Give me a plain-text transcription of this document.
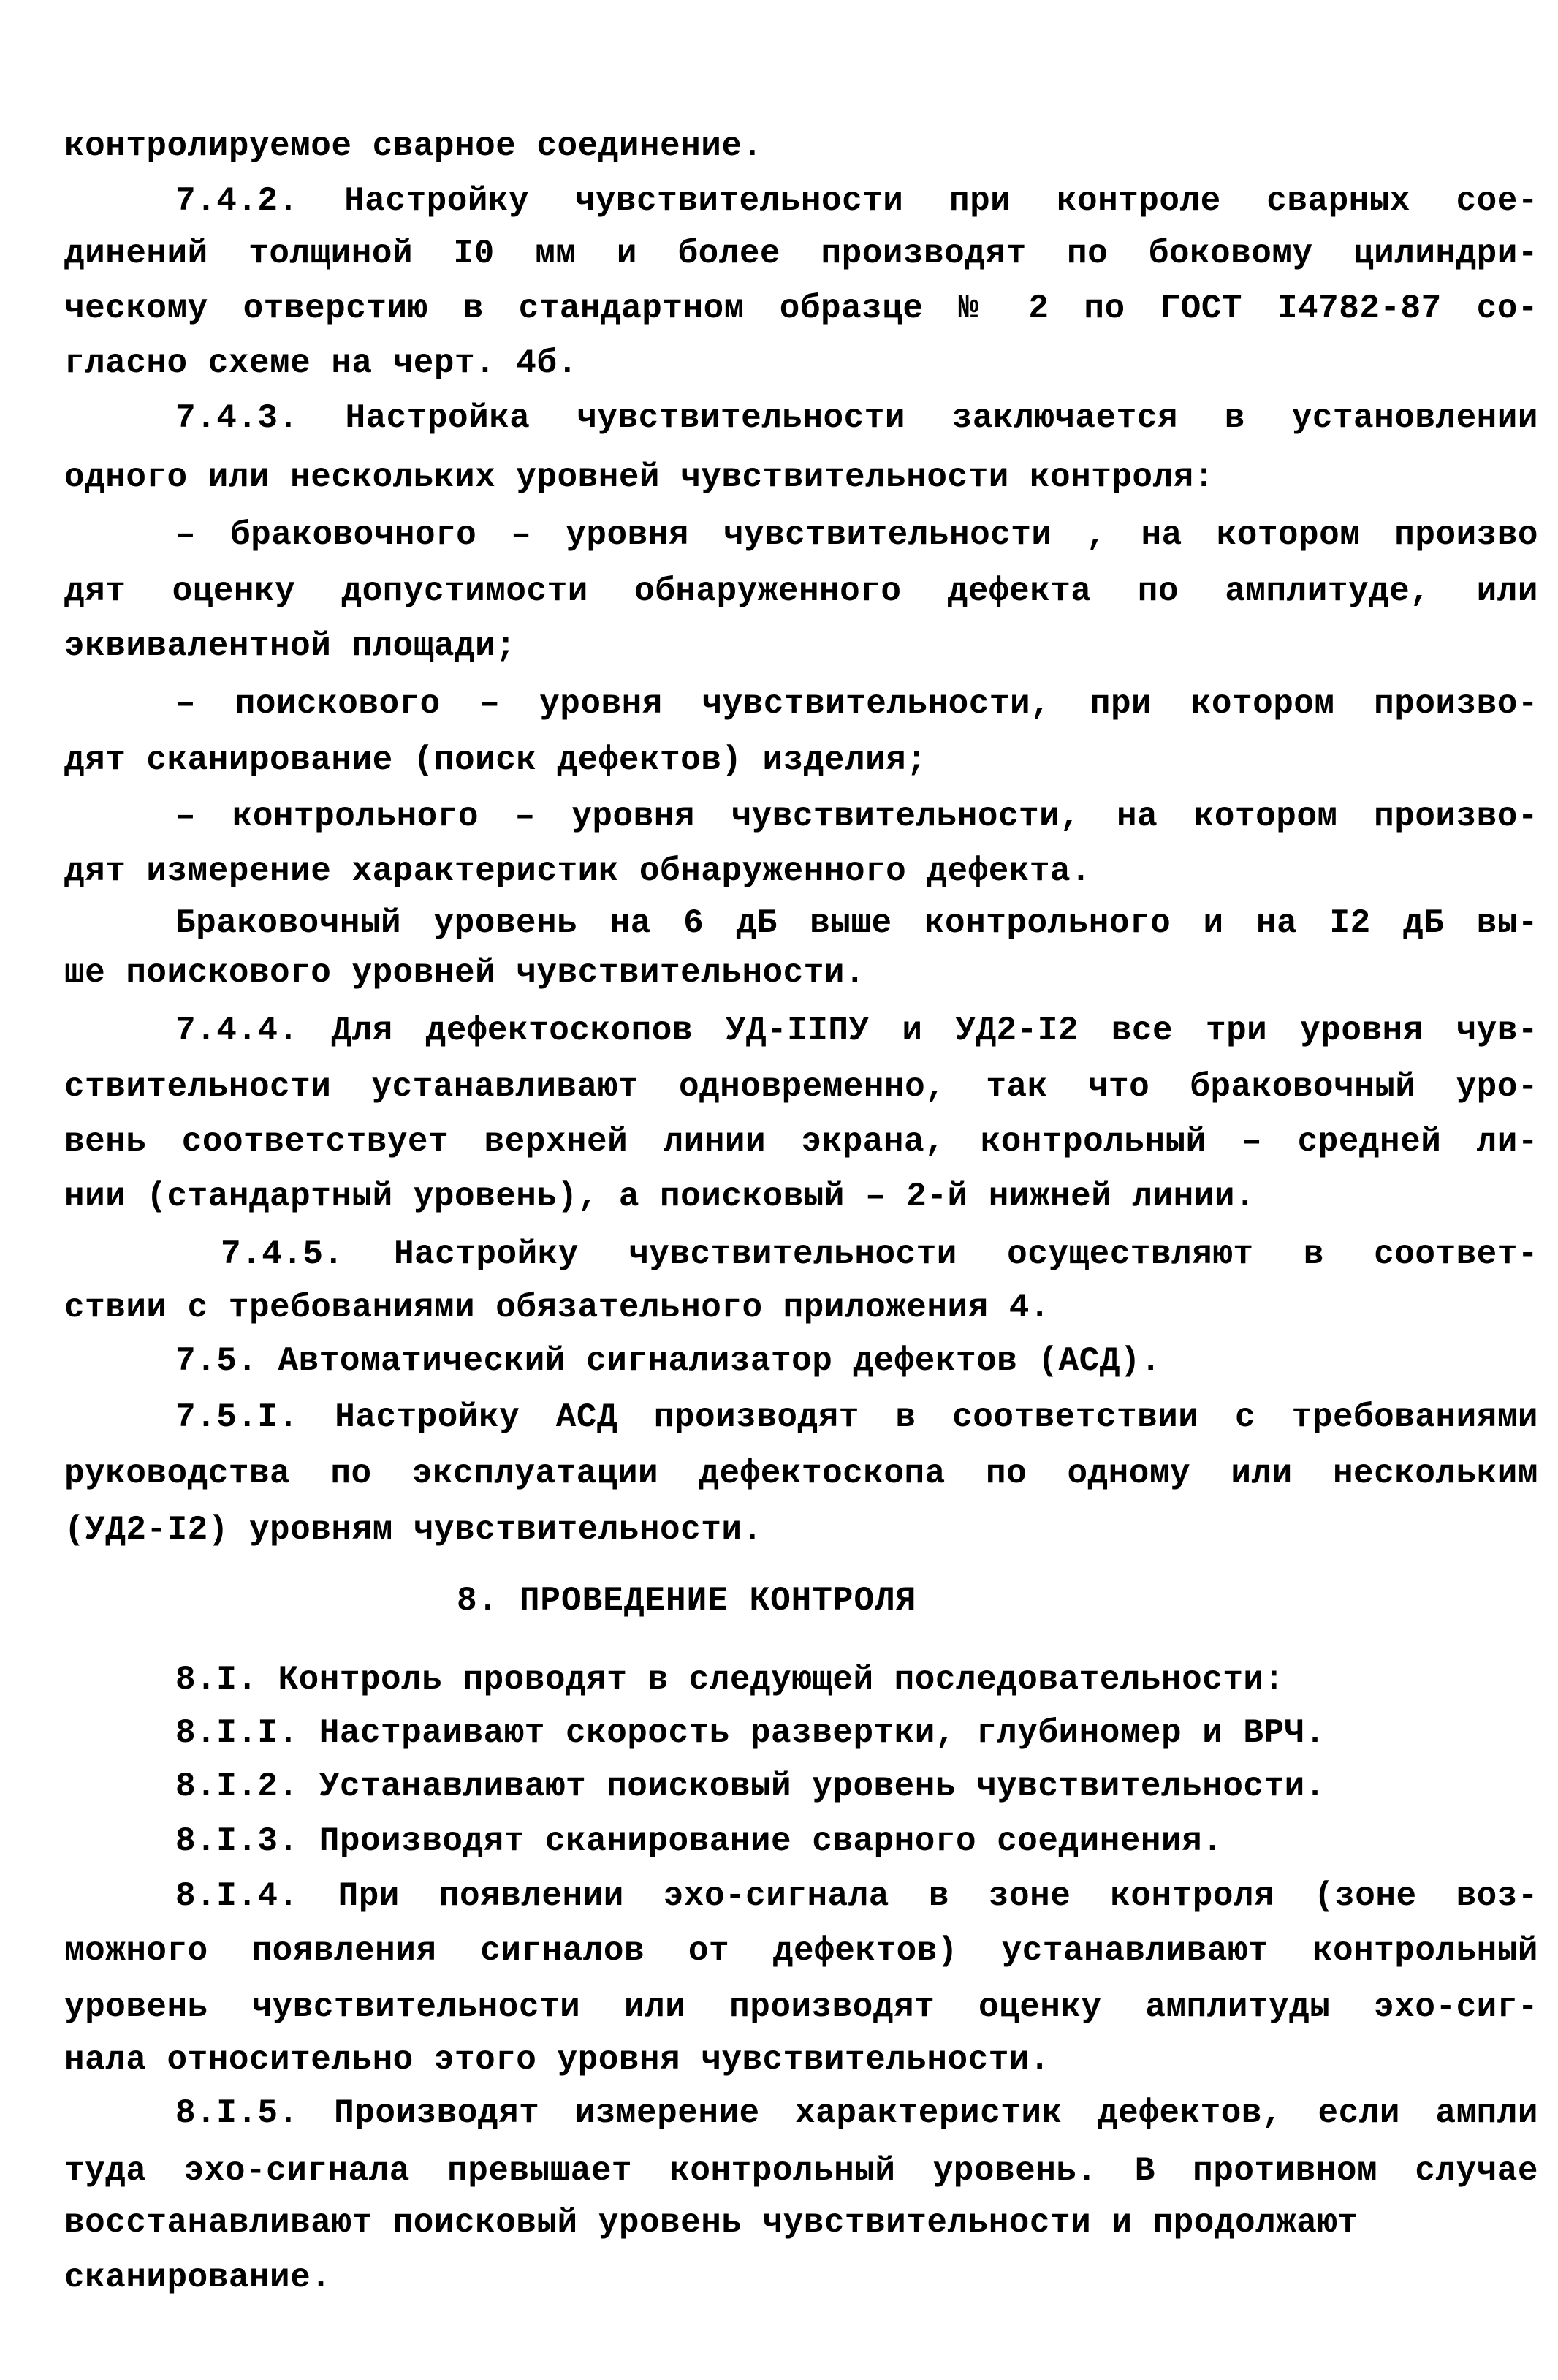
контролируемое сварное соединение.
7.4.2. Настройку чувствительности при контроле сварных сое-
динений толщиной I0 мм и более производят по боковому цилиндри-
ческому отверстию в стандартном образце № 2 по ГОСТ I4782-87 со-
гласно схеме на черт. 4б.
7.4.3. Настройка чувствительности заключается в установлении
одного или нескольких уровней чувствительности контроля:
– браковочного – уровня чувствительности , на котором произво
дят оценку допустимости обнаруженного дефекта по амплитуде, или
эквивалентной площади;
– поискового – уровня чувствительности, при котором произво-
дят сканирование (поиск дефектов) изделия;
– контрольного – уровня чувствительности, на котором произво-
дят измерение характеристик обнаруженного дефекта.
Браковочный уровень на 6 дБ выше контрольного и на I2 дБ вы-
ше поискового уровней чувствительности.
7.4.4. Для дефектоскопов УД-IIПУ и УД2-I2 все три уровня чув-
ствительности устанавливают одновременно, так что браковочный уро-
вень соответствует верхней линии экрана, контрольный – средней ли-
нии (стандартный уровень), а поисковый – 2-й нижней линии.
7.4.5. Настройку чувствительности осуществляют в соответ-
ствии с требованиями обязательного приложения 4.
7.5. Автоматический сигнализатор дефектов (АСД).
7.5.I. Настройку АСД производят в соответствии с требованиями
руководства по эксплуатации дефектоскопа по одному или нескольким
(УД2-I2) уровням чувствительности.
8. ПРОВЕДЕНИЕ КОНТРОЛЯ
8.I. Контроль проводят в следующей последовательности:
8.I.I. Настраивают скорость развертки, глубиномер и ВРЧ.
8.I.2. Устанавливают поисковый уровень чувствительности.
8.I.3. Производят сканирование сварного соединения.
8.I.4. При появлении эхо-сигнала в зоне контроля (зоне воз-
можного появления сигналов от дефектов) устанавливают контрольный
уровень чувствительности или производят оценку амплитуды эхо-сиг-
нала относительно этого уровня чувствительности.
8.I.5. Производят измерение характеристик дефектов, если ампли
туда эхо-сигнала превышает контрольный уровень. В противном случае
восстанавливают поисковый уровень чувствительности и продолжают
сканирование.
